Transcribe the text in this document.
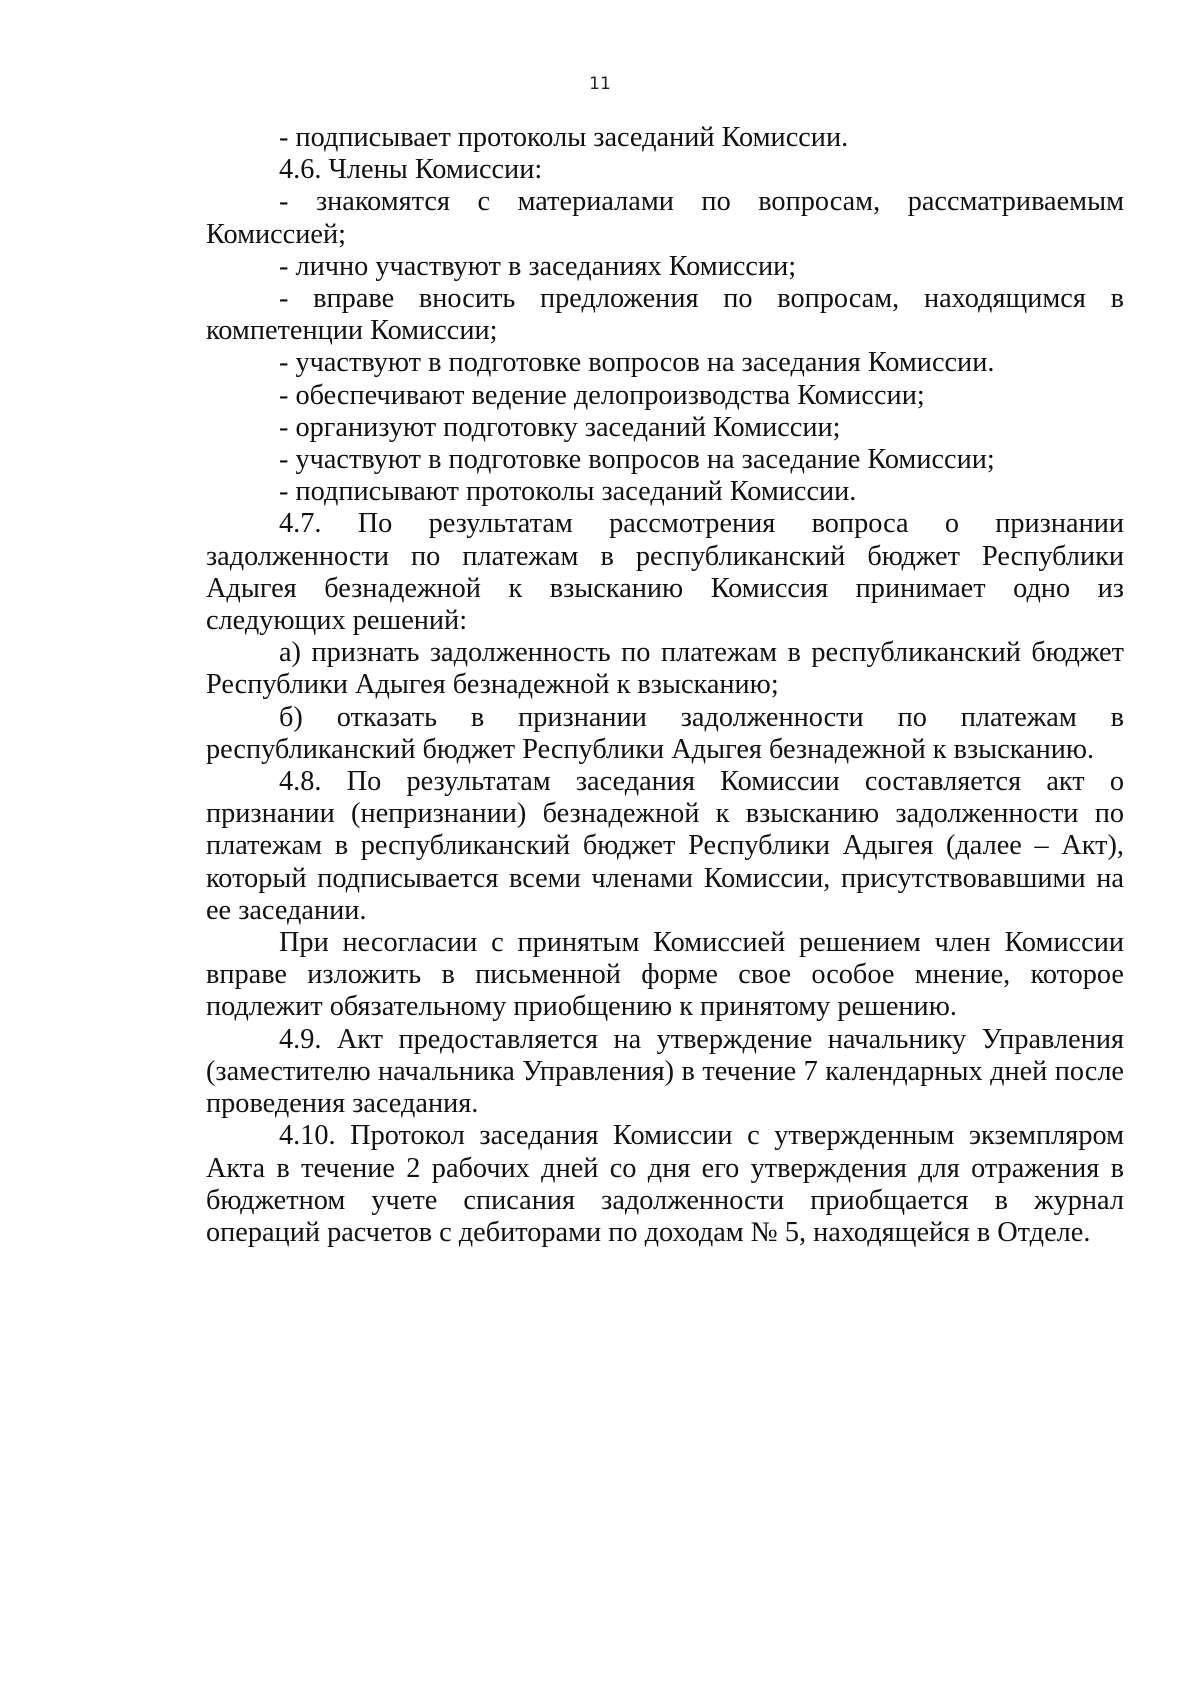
11

- подписывает протоколы заседаний Комиссии.

4.6. Члены Комиссии:

- знакомятся с материалами по вопросам, рассматриваемым Комиссией;

- лично участвуют в заседаниях Комиссии;

- вправе вносить предложения по вопросам, находящимся в компетенции Комиссии;

- участвуют в подготовке вопросов на заседания Комиссии.

- обеспечивают ведение делопроизводства Комиссии;

- организуют подготовку заседаний Комиссии;

- участвуют в подготовке вопросов на заседание Комиссии;

- подписывают протоколы заседаний Комиссии.

4.7. По результатам рассмотрения вопроса о признании задолженности по платежам в республиканский бюджет Республики Адыгея безнадежной к взысканию Комиссия принимает одно из следующих решений:

а) признать задолженность по платежам в республиканский бюджет Республики Адыгея безнадежной к взысканию;

б) отказать в признании задолженности по платежам в республиканский бюджет Республики Адыгея безнадежной к взысканию.

4.8. По результатам заседания Комиссии составляется акт о признании (непризнании) безнадежной к взысканию задолженности по платежам в республиканский бюджет Республики Адыгея (далее – Акт), который подписывается всеми членами Комиссии, присутствовавшими на ее заседании.

При несогласии с принятым Комиссией решением член Комиссии вправе изложить в письменной форме свое особое мнение, которое подлежит обязательному приобщению к принятому решению.

4.9. Акт предоставляется на утверждение начальнику Управления (заместителю начальника Управления) в течение 7 календарных дней после проведения заседания.

4.10. Протокол заседания Комиссии с утвержденным экземпляром Акта в течение 2 рабочих дней со дня его утверждения для отражения в бюджетном учете списания задолженности приобщается в журнал операций расчетов с дебиторами по доходам № 5, находящейся в Отделе.
